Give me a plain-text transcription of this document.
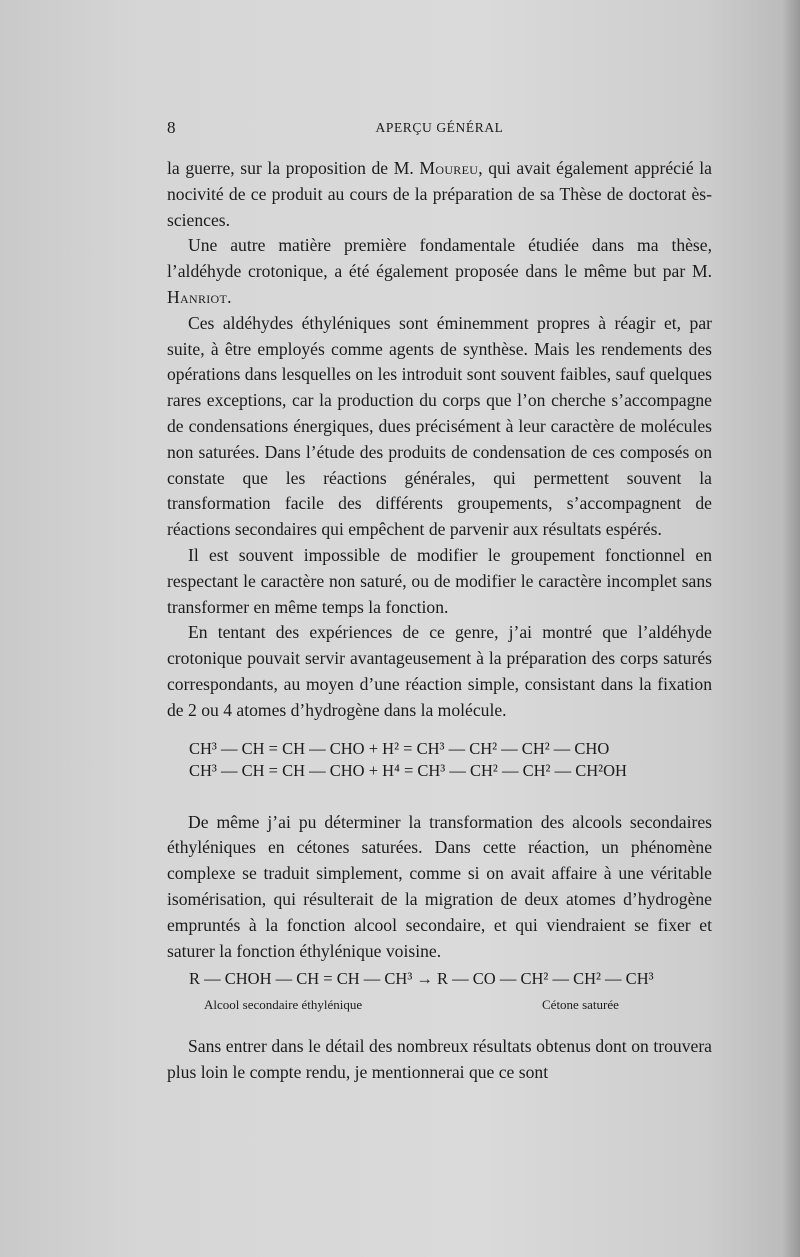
8	APERÇU GÉNÉRAL

la guerre, sur la proposition de M. Moureu, qui avait également apprécié la nocivité de ce produit au cours de la préparation de sa Thèse de doctorat ès-sciences.

Une autre matière première fondamentale étudiée dans ma thèse, l’aldéhyde crotonique, a été également proposée dans le même but par M. Hanriot.

Ces aldéhydes éthyléniques sont éminemment propres à réagir et, par suite, à être employés comme agents de synthèse. Mais les rendements des opérations dans lesquelles on les introduit sont souvent faibles, sauf quelques rares exceptions, car la production du corps que l’on cherche s’accompagne de condensations énergiques, dues précisément à leur caractère de molécules non saturées. Dans l’étude des produits de condensation de ces composés on constate que les réactions générales, qui permettent souvent la transformation facile des différents groupements, s’accompagnent de réactions secondaires qui empêchent de parvenir aux résultats espérés.

Il est souvent impossible de modifier le groupement fonctionnel en respectant le caractère non saturé, ou de modifier le caractère incomplet sans transformer en même temps la fonction.

En tentant des expériences de ce genre, j’ai montré que l’aldéhyde crotonique pouvait servir avantageusement à la préparation des corps saturés correspondants, au moyen d’une réaction simple, consistant dans la fixation de 2 ou 4 atomes d’hydrogène dans la molécule.

CH³ — CH = CH — CHO + H² = CH³ — CH² — CH² — CHO
CH³ — CH = CH — CHO + H⁴ = CH³ — CH² — CH² — CH²OH

De même j’ai pu déterminer la transformation des alcools secondaires éthyléniques en cétones saturées. Dans cette réaction, un phénomène complexe se traduit simplement, comme si on avait affaire à une véritable isomérisation, qui résulterait de la migration de deux atomes d’hydrogène empruntés à la fonction alcool secondaire, et qui viendraient se fixer et saturer la fonction éthylénique voisine.

R — CHOH — CH = CH — CH³ → R — CO — CH² — CH² — CH³
Alcool secondaire éthylénique	Cétone saturée

Sans entrer dans le détail des nombreux résultats obtenus dont on trouvera plus loin le compte rendu, je mentionnerai que ce sont
